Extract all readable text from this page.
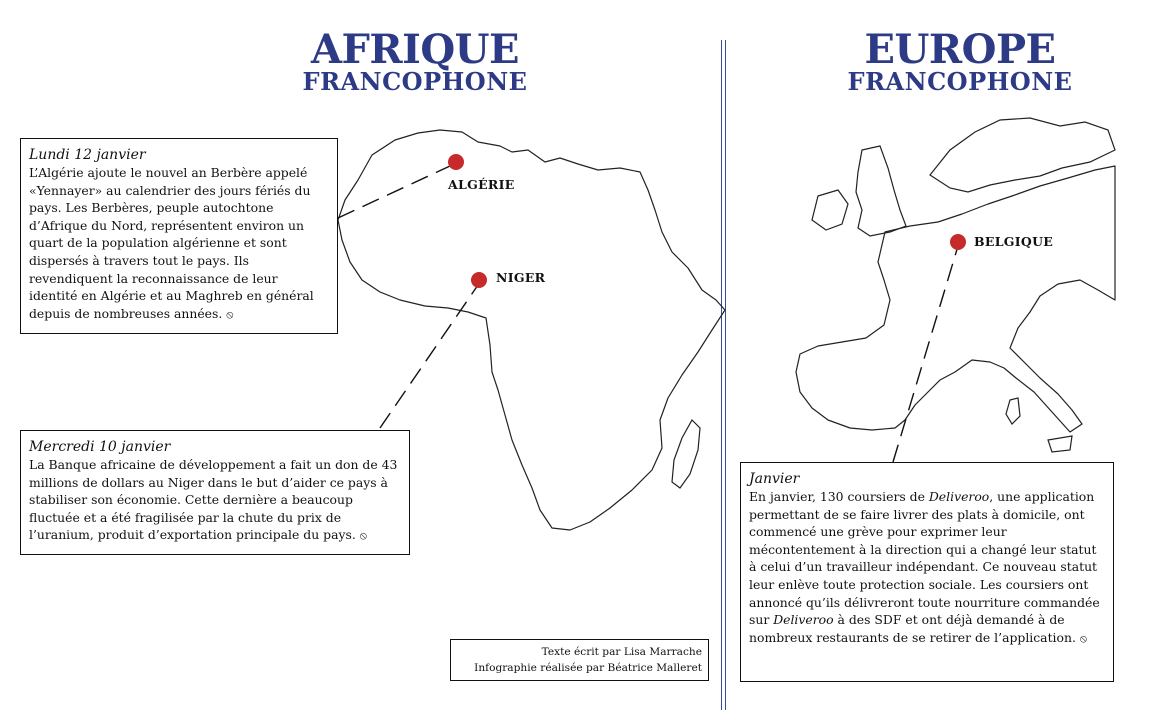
AFRIQUE
FRANCOPHONE
EUROPE
FRANCOPHONE
ALGÉRIE
NIGER
BELGIQUE
Lundi 12 janvier

L’Algérie ajoute le nouvel an Berbère appelé «Yennayer» au calendrier des jours fériés du pays. Les Berbères, peuple autochtone d’Afrique du Nord, représentent environ un quart de la population algérienne et sont dispersés à travers tout le pays. Ils revendiquent la reconnaissance de leur identité en Algérie et au Maghreb en général depuis de nombreuses années. ⦸

Mercredi 10 janvier

La Banque africaine de développement a fait un don de 43 millions de dollars au Niger dans le but d’aider ce pays à stabiliser son économie. Cette dernière a beaucoup fluctuée et a été fragilisée par la chute du prix de l’uranium, produit d’exportation principale du pays. ⦸

Janvier

En janvier, 130 coursiers de Deliveroo, une application permettant de se faire livrer des plats à domicile, ont commencé une grève pour exprimer leur mécontentement à la direction qui a changé leur statut à celui d’un travailleur indépendant. Ce nouveau statut leur enlève toute protection sociale. Les coursiers ont annoncé qu’ils délivreront toute nourriture commandée sur Deliveroo à des SDF et ont déjà demandé à de nombreux restaurants de se retirer de l’application. ⦸

Texte écrit par Lisa Marrache
Infographie réalisée par Béatrice Malleret
